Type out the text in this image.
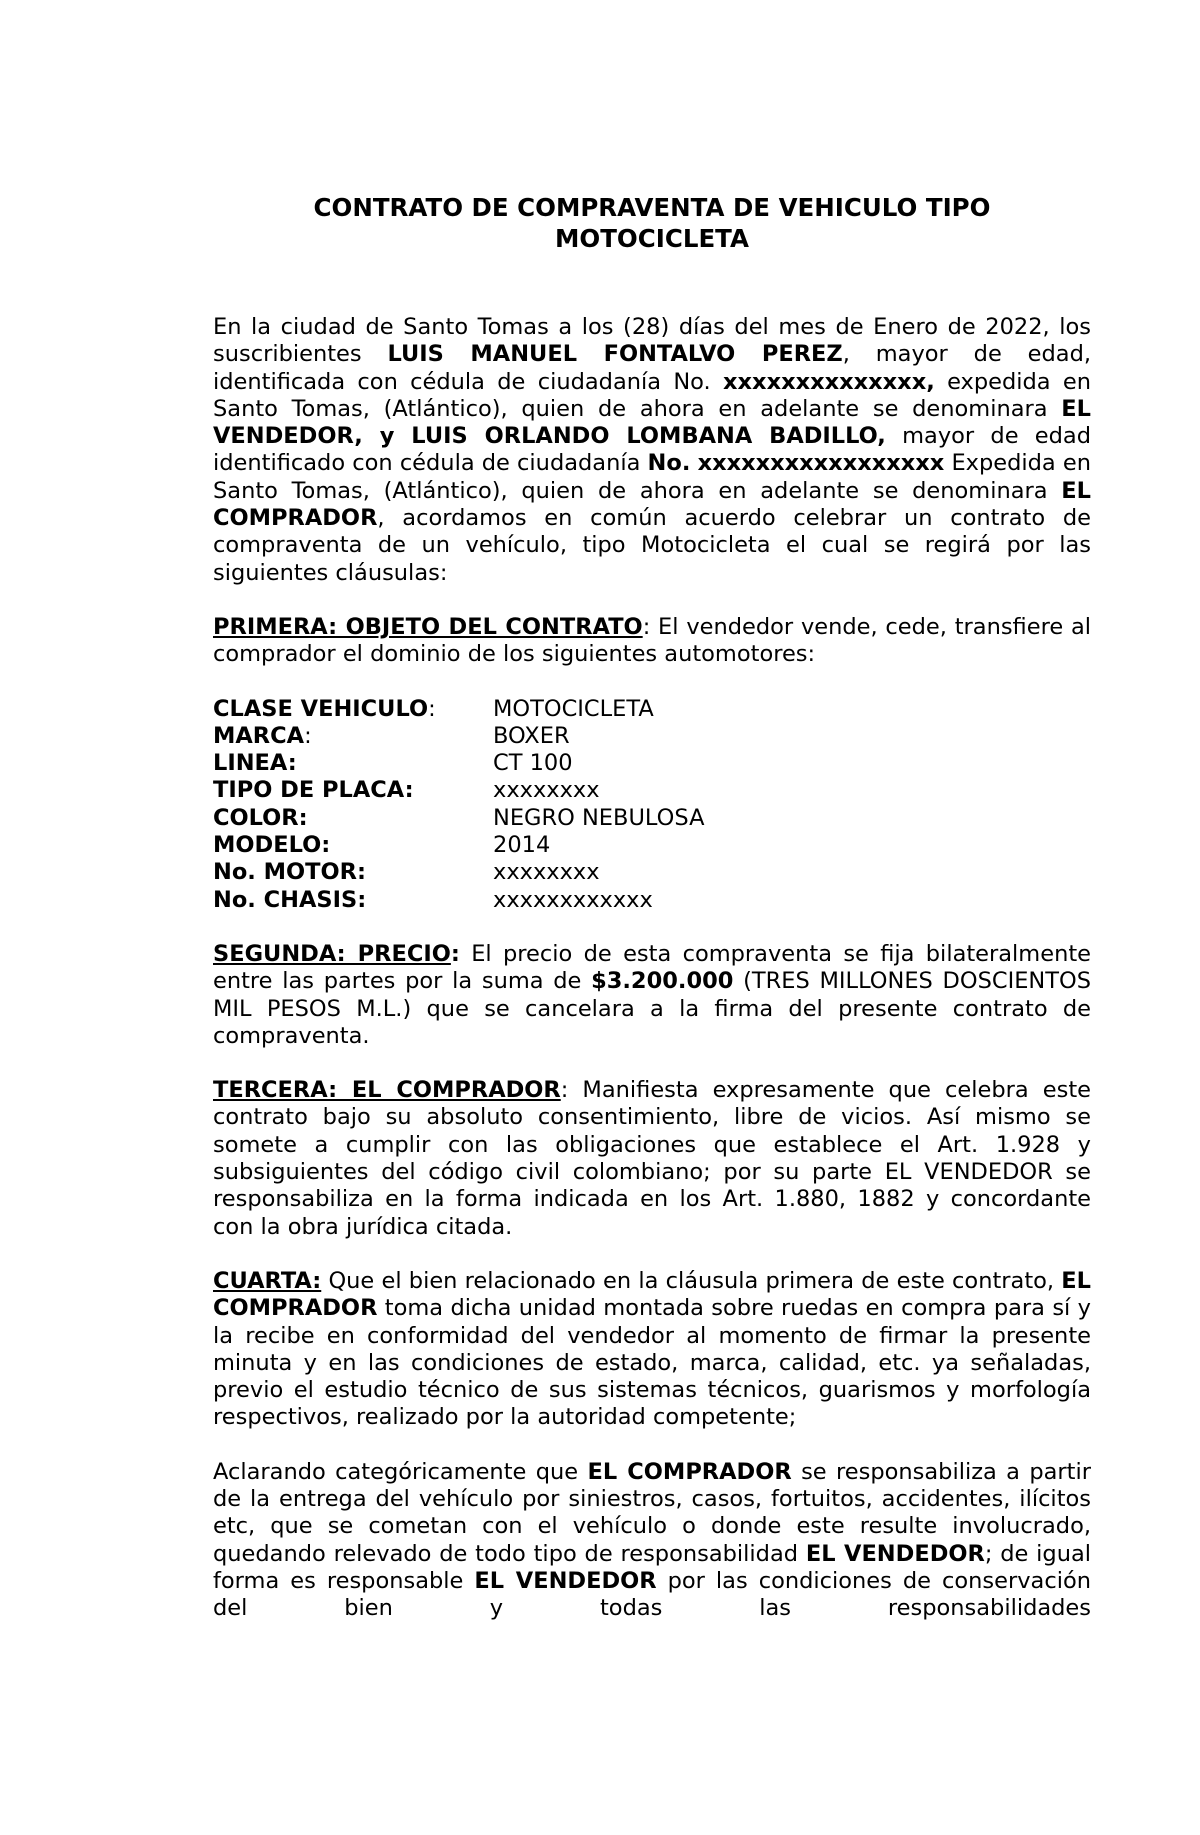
CONTRATO DE COMPRAVENTA DE VEHICULO TIPO
MOTOCICLETA

En la ciudad de Santo Tomas a los (28) días del mes de Enero de 2022, los suscribientes LUIS MANUEL FONTALVO PEREZ, mayor de edad, identificada con cédula de ciudadanía No. xxxxxxxxxxxxxx, expedida en Santo Tomas, (Atlántico), quien de ahora en adelante se denominara EL VENDEDOR, y LUIS ORLANDO LOMBANA BADILLO, mayor de edad identificado con cédula de ciudadanía No. xxxxxxxxxxxxxxxxx Expedida en Santo Tomas, (Atlántico), quien de ahora en adelante se denominara EL COMPRADOR, acordamos en común acuerdo celebrar un contrato de compraventa de un vehículo, tipo Motocicleta el cual se regirá por las siguientes cláusulas:

PRIMERA: OBJETO DEL CONTRATO: El vendedor vende, cede, transfiere al comprador el dominio de los siguientes automotores:

CLASE VEHICULO:	MOTOCICLETA
MARCA:	BOXER
LINEA:	CT 100
TIPO DE PLACA:	xxxxxxxx
COLOR:	NEGRO NEBULOSA
MODELO:	2014
No. MOTOR:	xxxxxxxx
No. CHASIS:	xxxxxxxxxxxx

SEGUNDA: PRECIO: El precio de esta compraventa se fija bilateralmente entre las partes por la suma de $3.200.000 (TRES MILLONES DOSCIENTOS MIL PESOS M.L.) que se cancelara a la firma del presente contrato de compraventa.

TERCERA: EL COMPRADOR: Manifiesta expresamente que celebra este contrato bajo su absoluto consentimiento, libre de vicios. Así mismo se somete a cumplir con las obligaciones que establece el Art. 1.928 y subsiguientes del código civil colombiano; por su parte EL VENDEDOR se responsabiliza en la forma indicada en los Art. 1.880, 1882 y concordante con la obra jurídica citada.

CUARTA: Que el bien relacionado en la cláusula primera de este contrato, EL COMPRADOR toma dicha unidad montada sobre ruedas en compra para sí y la recibe en conformidad del vendedor al momento de firmar la presente minuta y en las condiciones de estado, marca, calidad, etc. ya señaladas, previo el estudio técnico de sus sistemas técnicos, guarismos y morfología respectivos, realizado por la autoridad competente;

Aclarando categóricamente que EL COMPRADOR se responsabiliza a partir de la entrega del vehículo por siniestros, casos, fortuitos, accidentes, ilícitos etc, que se cometan con el vehículo o donde este resulte involucrado, quedando relevado de todo tipo de responsabilidad EL VENDEDOR; de igual forma es responsable EL VENDEDOR por las condiciones de conservación del bien y todas las responsabilidades
